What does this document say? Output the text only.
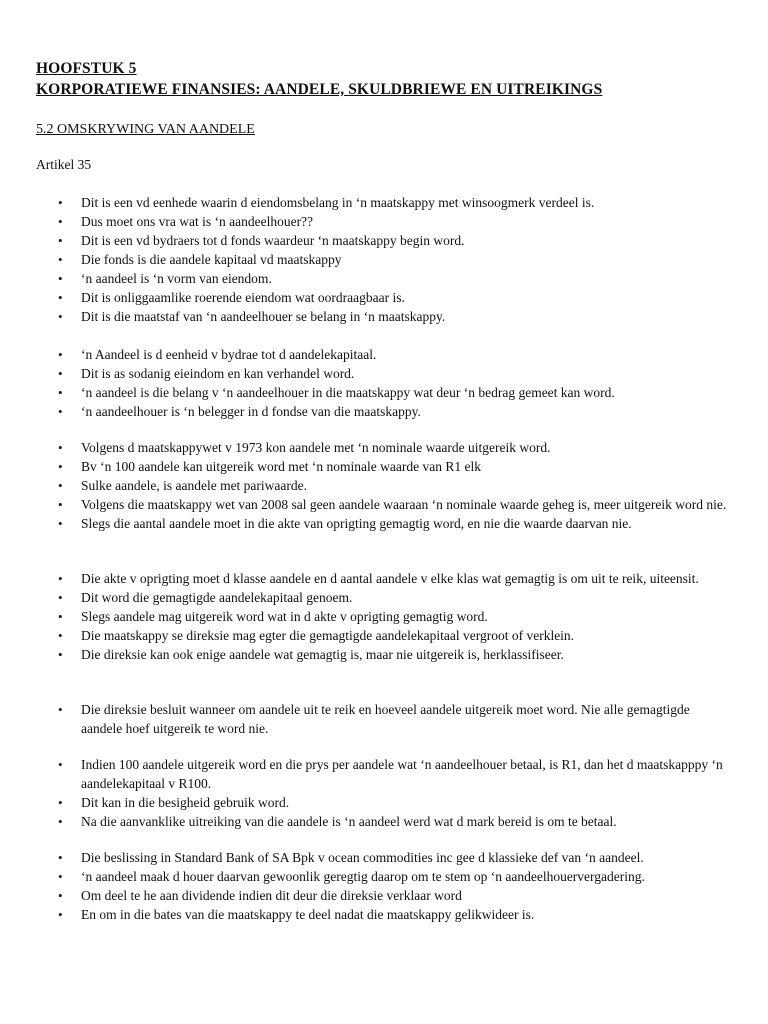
HOOFSTUK 5
KORPORATIEWE FINANSIES: AANDELE, SKULDBRIEWE EN UITREIKINGS
5.2 OMSKRYWING VAN AANDELE
Artikel 35
• Dit is een vd eenhede waarin d eiendomsbelang in ‘n maatskappy met winsoogmerk verdeel is.
• Dus moet ons vra wat is ‘n aandeelhouer??
• Dit is een vd bydraers tot d fonds waardeur ‘n maatskappy begin word.
• Die fonds is die aandele kapitaal vd maatskappy
• ‘n aandeel is ‘n vorm van eiendom.
• Dit is onliggaamlike roerende eiendom wat oordraagbaar is.
• Dit is die maatstaf van ‘n aandeelhouer se belang in ‘n maatskappy.
• ‘n Aandeel is d eenheid v bydrae tot d aandelekapitaal.
• Dit is as sodanig eieindom en kan verhandel word.
• ‘n aandeel is die belang v ‘n aandeelhouer in die maatskappy wat deur ‘n bedrag gemeet kan word.
• ‘n aandeelhouer is ‘n belegger in d fondse van die maatskappy.
• Volgens d maatskappywet v 1973 kon aandele met ‘n nominale waarde uitgereik word.
• Bv ‘n 100 aandele kan uitgereik word met ‘n nominale waarde van R1 elk
• Sulke aandele, is aandele met pariwaarde.
• Volgens die maatskappy wet van 2008 sal geen aandele waaraan ‘n nominale waarde geheg is, meer uitgereik word nie.
• Slegs die aantal aandele moet in die akte van oprigting gemagtig word, en nie die waarde daarvan nie.
• Die akte v oprigting moet d klasse aandele en d aantal aandele v elke klas wat gemagtig is om uit te reik, uiteensit.
• Dit word die gemagtigde aandelekapitaal genoem.
• Slegs aandele mag uitgereik word wat in d akte v oprigting gemagtig word.
• Die maatskappy se direksie mag egter die gemagtigde aandelekapitaal vergroot of verklein.
• Die direksie kan ook enige aandele wat gemagtig is, maar nie uitgereik is, herklassifiseer.
• Die direksie besluit wanneer om aandele uit te reik en hoeveel aandele uitgereik moet word. Nie alle gemagtigde aandele hoef uitgereik te word nie.
• Indien 100 aandele uitgereik word en die prys per aandele wat ‘n aandeelhouer betaal, is R1, dan het d maatskapppy ‘n aandelekapitaal v R100.
• Dit kan in die besigheid gebruik word.
• Na die aanvanklike uitreiking van die aandele is ‘n aandeel werd wat d mark bereid is om te betaal.
• Die beslissing in Standard Bank of SA Bpk v ocean commodities inc gee d klassieke def van ‘n aandeel.
• ‘n aandeel maak d houer daarvan gewoonlik geregtig daarop om te stem op ‘n aandeelhouervergadering.
• Om deel te he aan dividende indien dit deur die direksie verklaar word
• En om in die bates van die maatskappy te deel nadat die maatskappy gelikwideer is.
